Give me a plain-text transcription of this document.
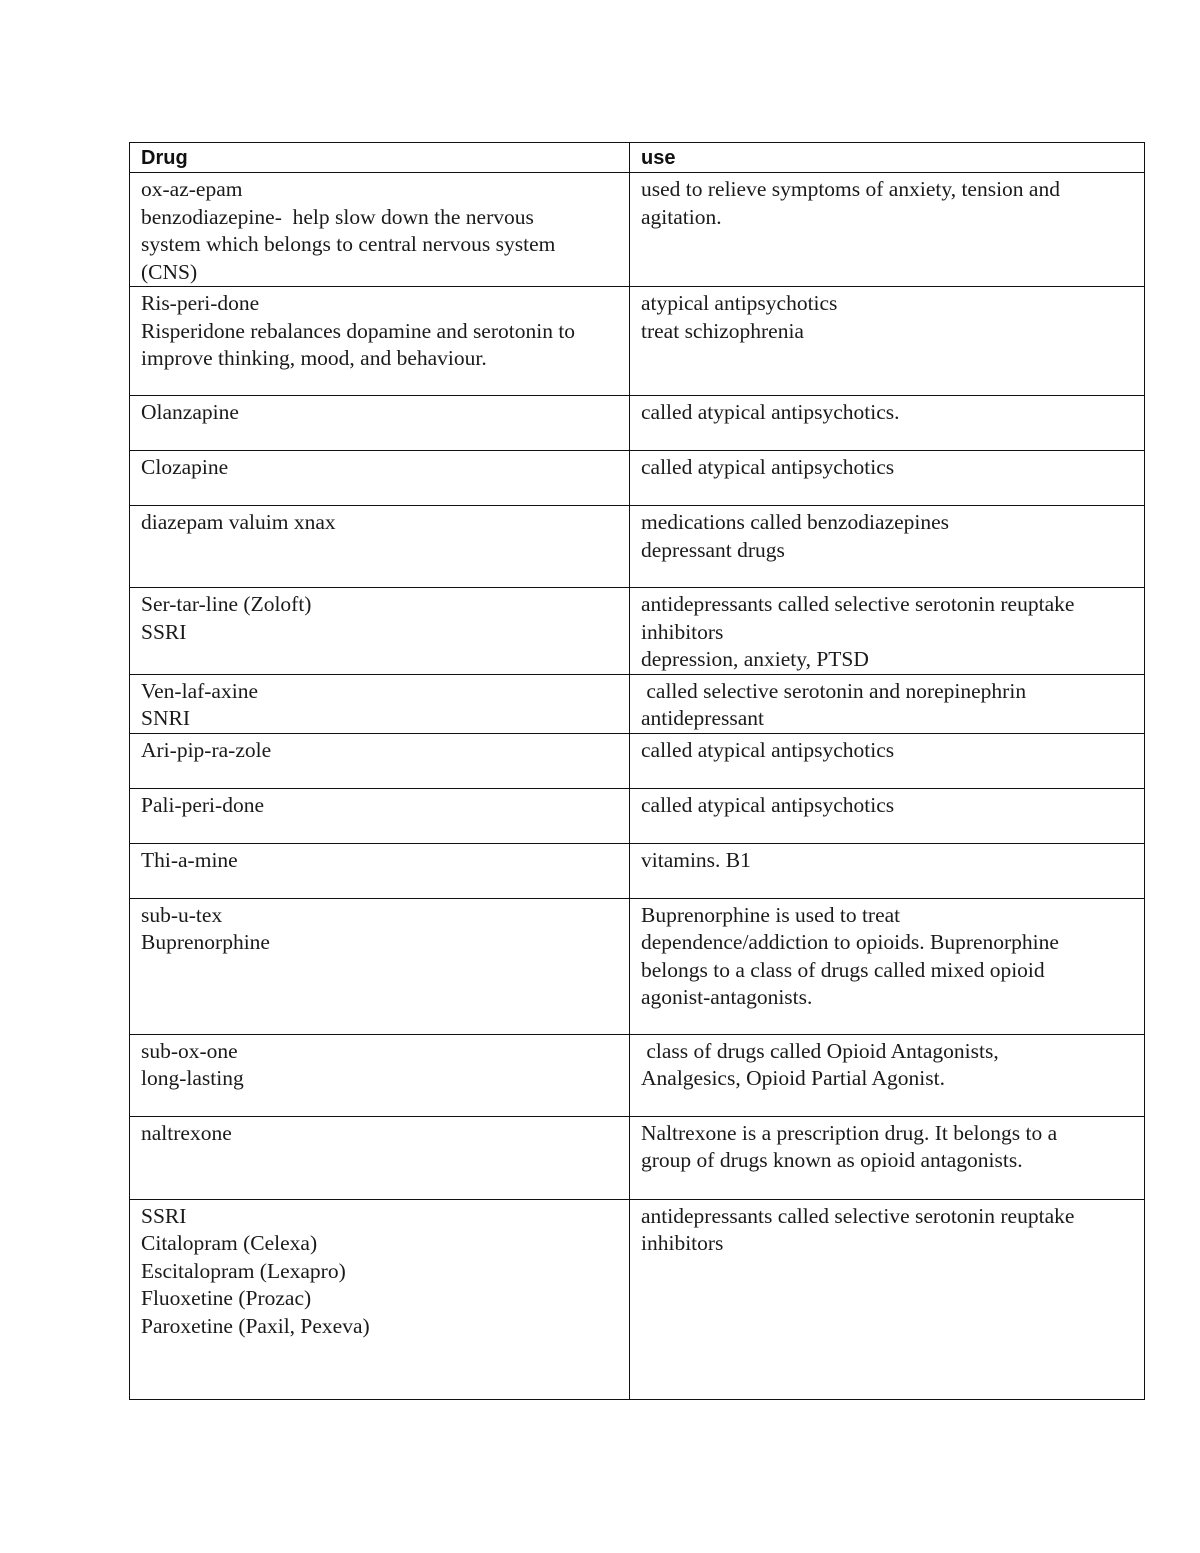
Drug	use

ox-az-epam
benzodiazepine-  help slow down the nervous
system which belongs to central nervous system
(CNS)	used to relieve symptoms of anxiety, tension and
agitation.

Ris-peri-done
Risperidone rebalances dopamine and serotonin to
improve thinking, mood, and behaviour.	atypical antipsychotics
treat schizophrenia

Olanzapine	called atypical antipsychotics.

Clozapine	called atypical antipsychotics

diazepam valuim xnax	medications called benzodiazepines
depressant drugs

Ser-tar-line (Zoloft)
SSRI	antidepressants called selective serotonin reuptake
inhibitors
depression, anxiety, PTSD

Ven-laf-axine
SNRI	called selective serotonin and norepinephrin
antidepressant

Ari-pip-ra-zole	called atypical antipsychotics

Pali-peri-done	called atypical antipsychotics

Thi-a-mine	vitamins. B1

sub-u-tex
Buprenorphine	Buprenorphine is used to treat
dependence/addiction to opioids. Buprenorphine
belongs to a class of drugs called mixed opioid
agonist-antagonists.

sub-ox-one
long-lasting	class of drugs called Opioid Antagonists,
Analgesics, Opioid Partial Agonist.

naltrexone	Naltrexone is a prescription drug. It belongs to a
group of drugs known as opioid antagonists.

SSRI
Citalopram (Celexa)
Escitalopram (Lexapro)
Fluoxetine (Prozac)
Paroxetine (Paxil, Pexeva)	antidepressants called selective serotonin reuptake
inhibitors
